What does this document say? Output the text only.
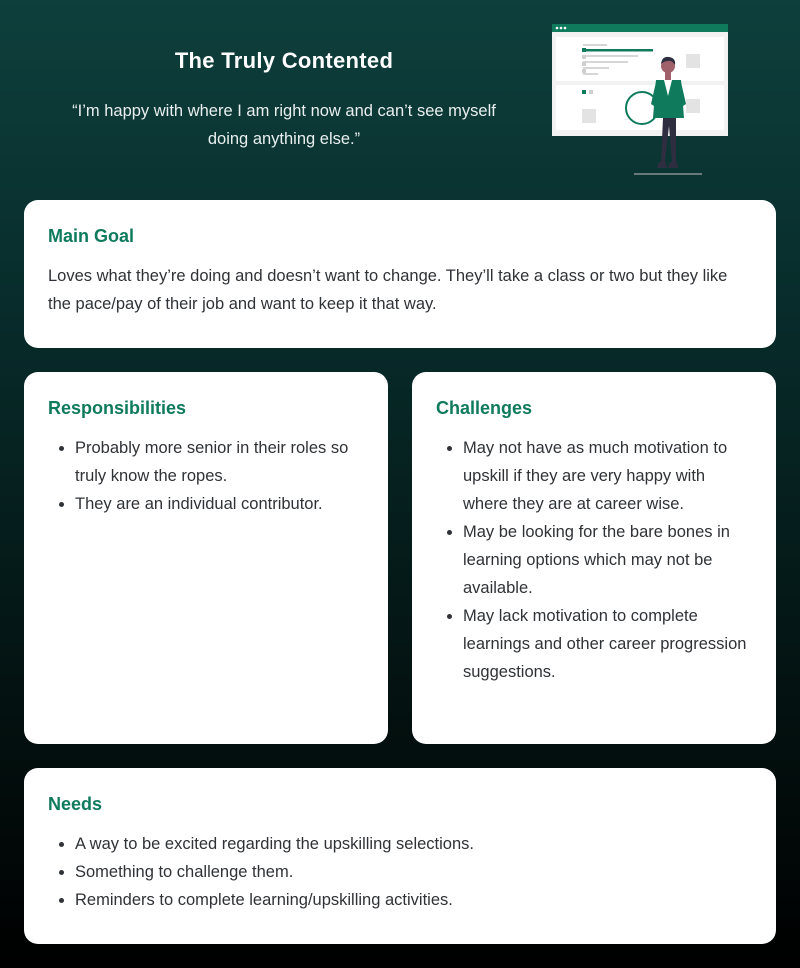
The Truly Contented
“I’m happy with where I am right now and can’t see myself doing anything else.”
Main Goal

Loves what they’re doing and doesn’t want to change. They’ll take a class or two but they like the pace/pay of their job and want to keep it that way.

Responsibilities
Probably more senior in their roles so truly know the ropes.
They are an individual contributor.
Challenges
May not have as much motivation to upskill if they are very happy with where they are at career wise.
May be looking for the bare bones in learning options which may not be available.
May lack motivation to complete learnings and other career progression suggestions.
Needs
A way to be excited regarding the upskilling selections.
Something to challenge them.
Reminders to complete learning/upskilling activities.
